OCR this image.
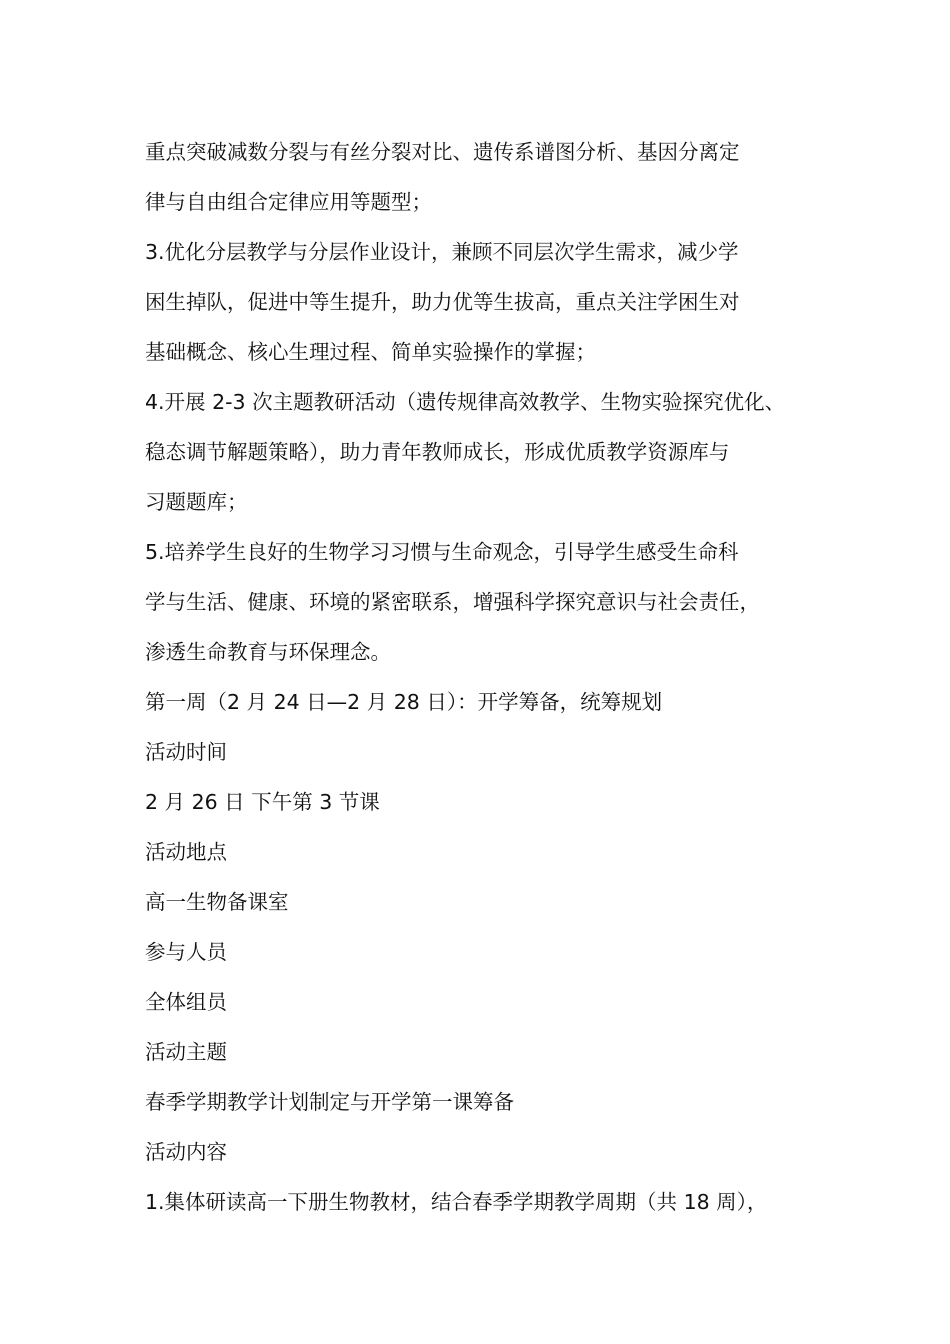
重点突破减数分裂与有丝分裂对比、遗传系谱图分析、基因分离定
律与自由组合定律应用等题型；
3.优化分层教学与分层作业设计，兼顾不同层次学生需求，减少学
困生掉队，促进中等生提升，助力优等生拔高，重点关注学困生对
基础概念、核心生理过程、简单实验操作的掌握；
4.开展 2-3 次主题教研活动（遗传规律高效教学、生物实验探究优化、
稳态调节解题策略），助力青年教师成长，形成优质教学资源库与
习题题库；
5.培养学生良好的生物学习习惯与生命观念，引导学生感受生命科
学与生活、健康、环境的紧密联系，增强科学探究意识与社会责任，
渗透生命教育与环保理念。
第一周（2 月 24 日—2 月 28 日）：开学筹备，统筹规划
活动时间
2 月 26 日 下午第 3 节课
活动地点
高一生物备课室
参与人员
全体组员
活动主题
春季学期教学计划制定与开学第一课筹备
活动内容
1.集体研读高一下册生物教材，结合春季学期教学周期（共 18 周），
